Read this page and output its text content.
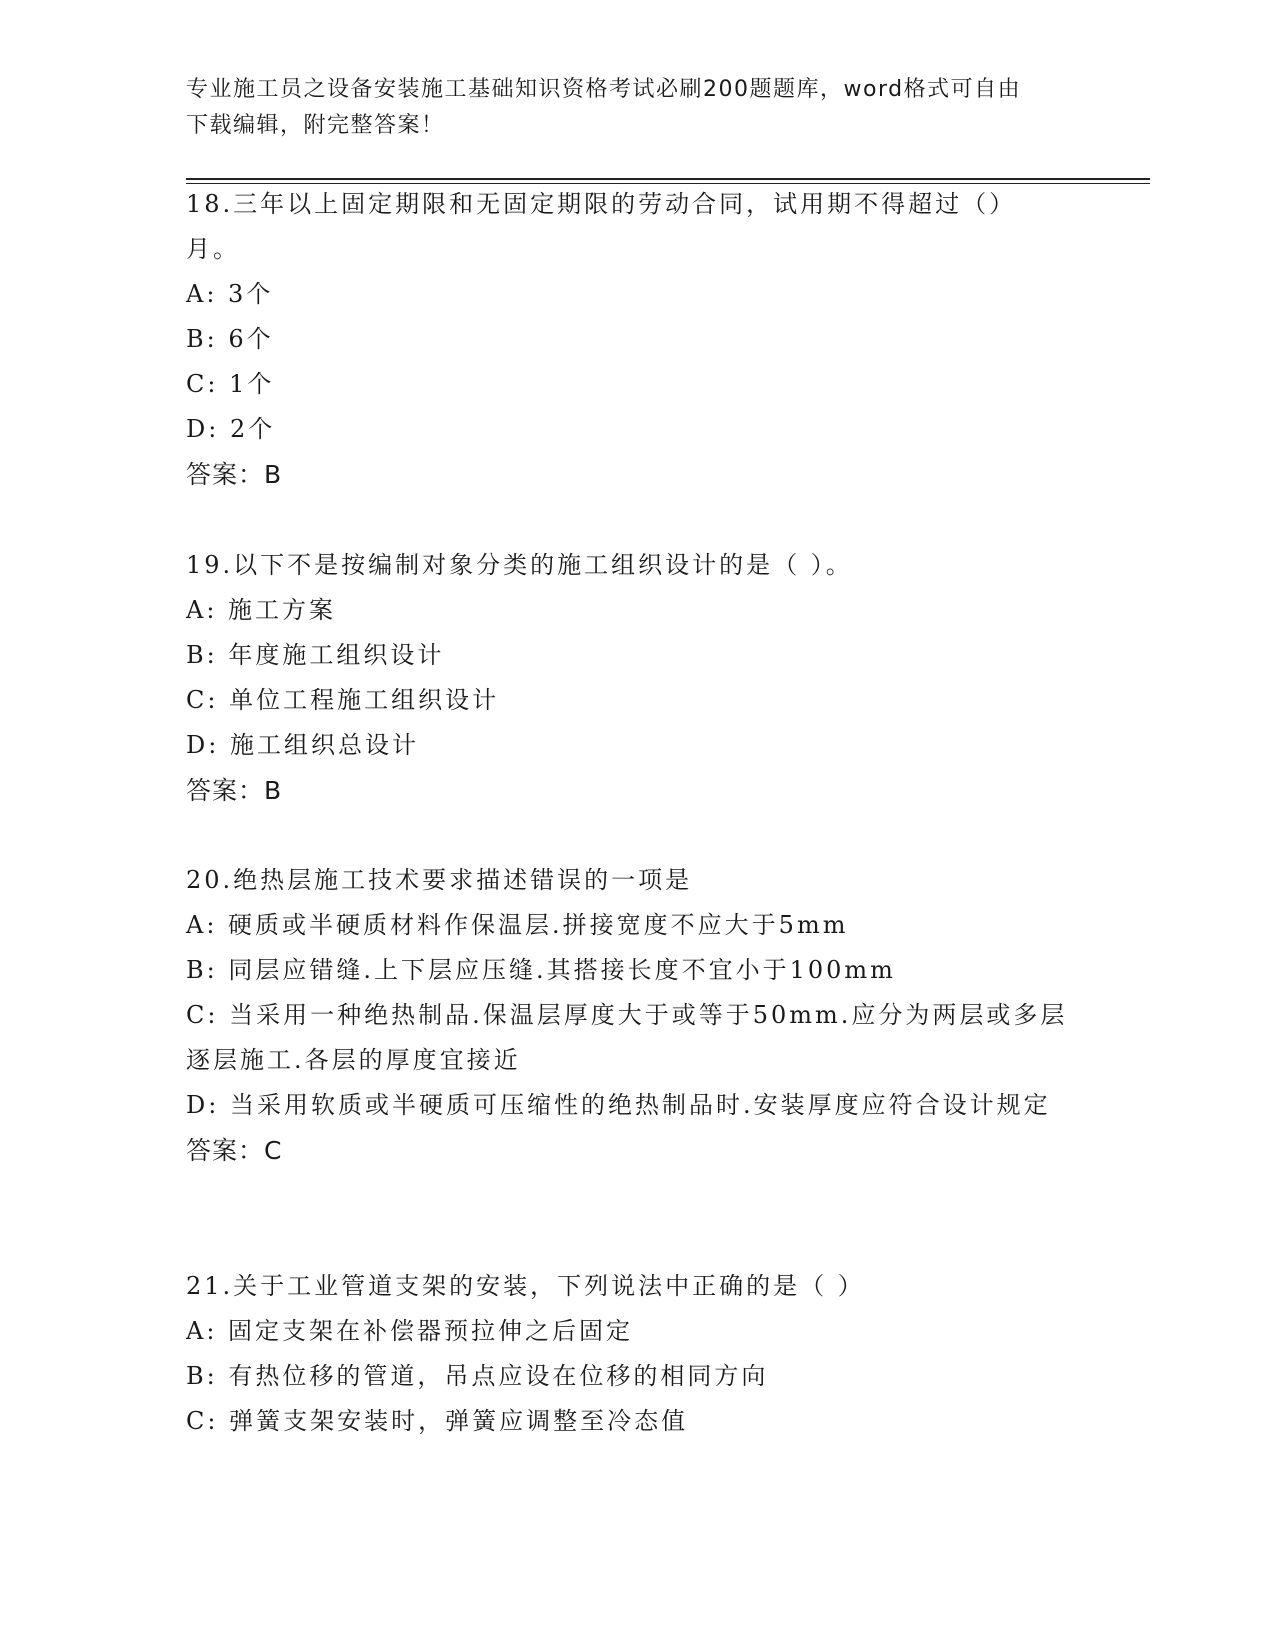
专业施工员之设备安装施工基础知识资格考试必刷200题题库，word格式可自由
下载编辑，附完整答案！
18.三年以上固定期限和无固定期限的劳动合同，试用期不得超过（）月。
A: 3个
B: 6个
C: 1个
D: 2个
答案：B
19.以下不是按编制对象分类的施工组织设计的是（ ）。
A: 施工方案
B: 年度施工组织设计
C: 单位工程施工组织设计
D: 施工组织总设计
答案：B
20.绝热层施工技术要求描述错误的一项是
A: 硬质或半硬质材料作保温层.拼接宽度不应大于5mm
B: 同层应错缝.上下层应压缝.其搭接长度不宜小于100mm
C: 当采用一种绝热制品.保温层厚度大于或等于50mm.应分为两层或多层逐层施工.各层的厚度宜接近
D: 当采用软质或半硬质可压缩性的绝热制品时.安装厚度应符合设计规定
答案：C
21.关于工业管道支架的安装，下列说法中正确的是（ ）
A: 固定支架在补偿器预拉伸之后固定
B: 有热位移的管道，吊点应设在位移的相同方向
C: 弹簧支架安装时，弹簧应调整至冷态值
